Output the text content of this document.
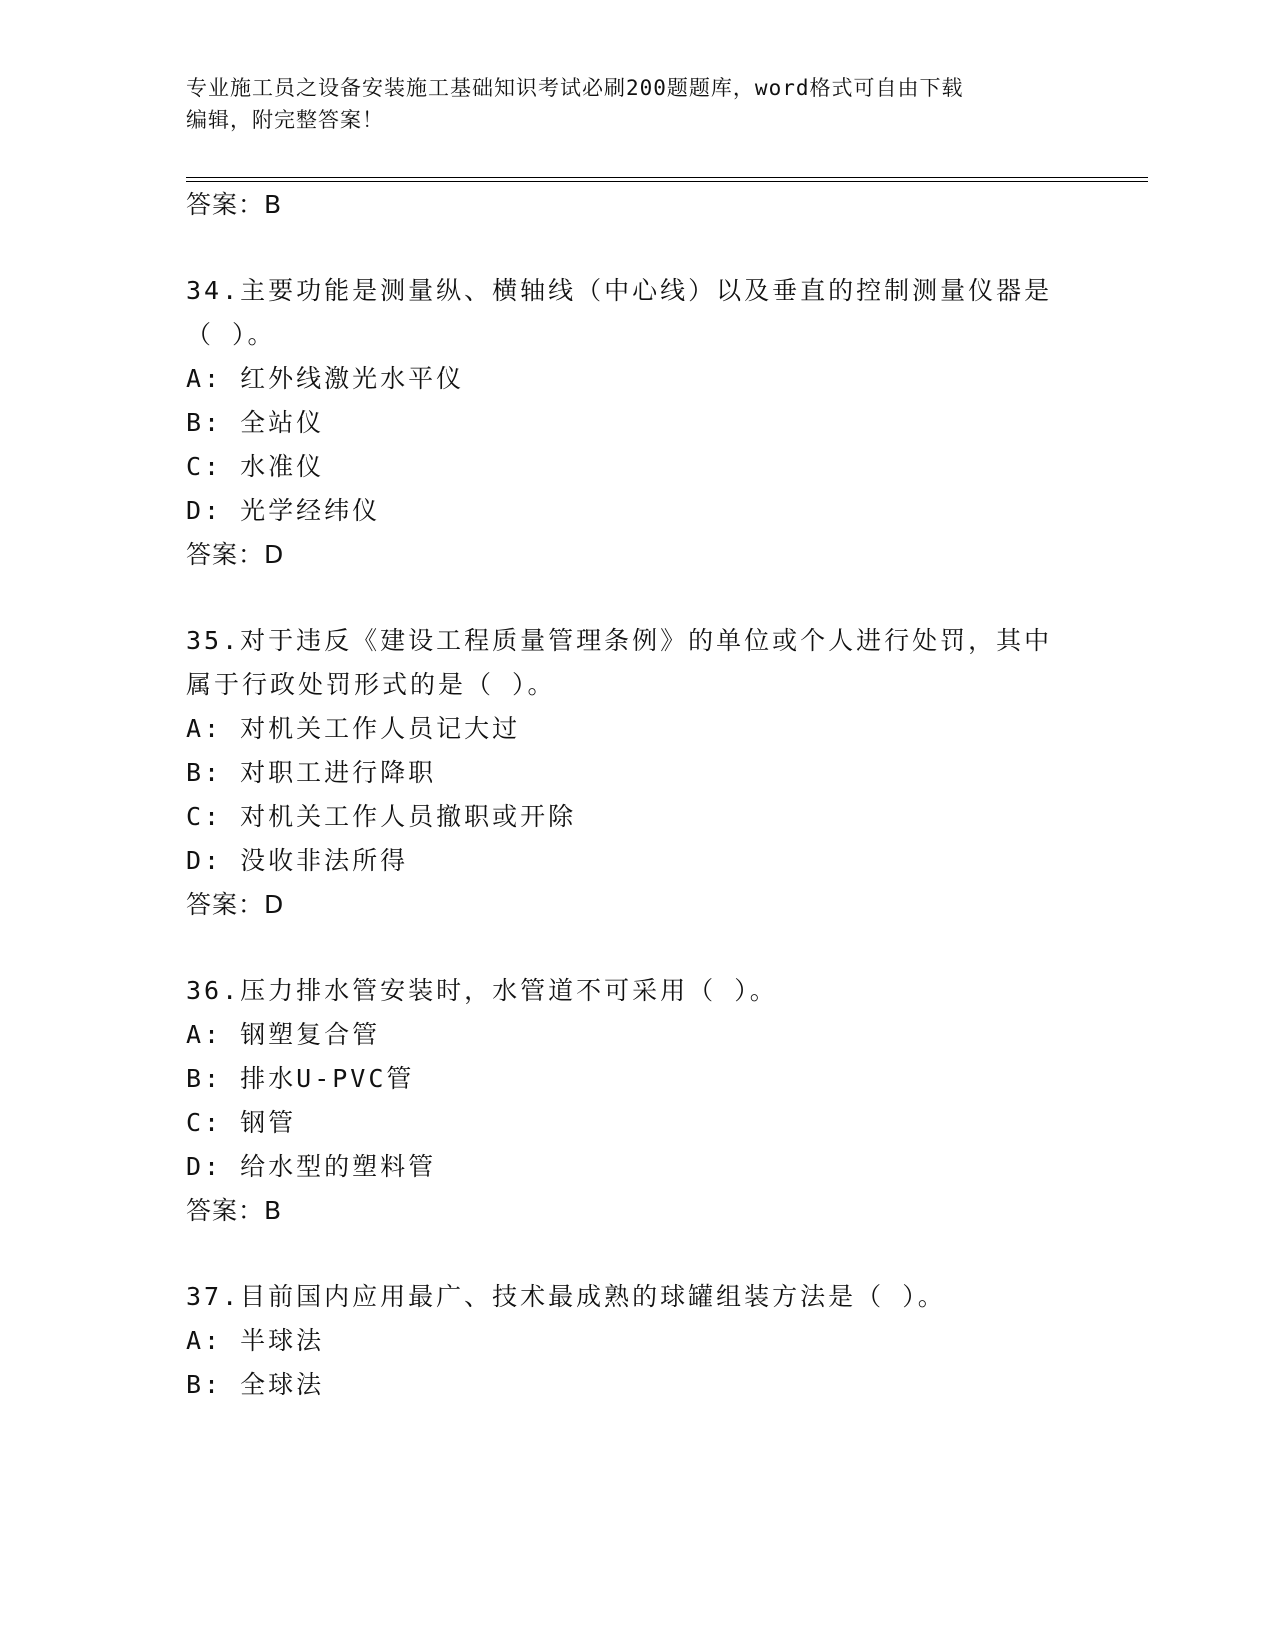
专业施工员之设备安装施工基础知识考试必刷200题题库，word格式可自由下载
编辑，附完整答案！
答案：B
34.主要功能是测量纵、横轴线（中心线）以及垂直的控制测量仪器是
（ ）。
A: 红外线激光水平仪
B: 全站仪
C: 水准仪
D: 光学经纬仪
答案：D
35.对于违反《建设工程质量管理条例》的单位或个人进行处罚，其中
属于行政处罚形式的是（ ）。
A: 对机关工作人员记大过
B: 对职工进行降职
C: 对机关工作人员撤职或开除
D: 没收非法所得
答案：D
36.压力排水管安装时，水管道不可采用（ ）。
A: 钢塑复合管
B: 排水U-PVC管
C: 钢管
D: 给水型的塑料管
答案：B
37.目前国内应用最广、技术最成熟的球罐组装方法是（ ）。
A: 半球法
B: 全球法
